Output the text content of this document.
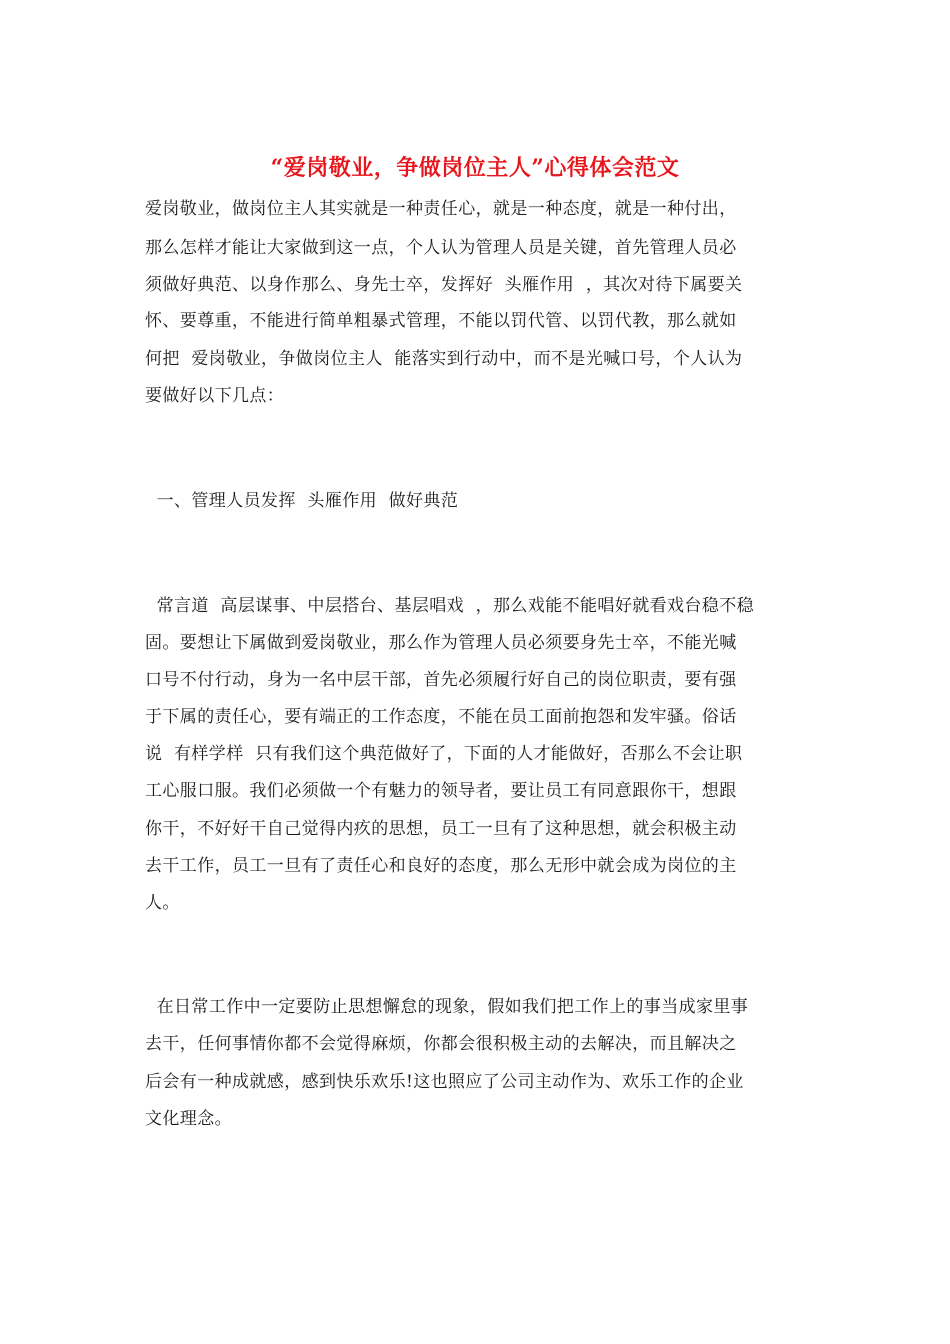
“爱岗敬业，争做岗位主人”心得体会范文
爱岗敬业，做岗位主人其实就是一种责任心，就是一种态度，就是一种付出，
那么怎样才能让大家做到这一点，个人认为管理人员是关键，首先管理人员必
须做好典范、以身作那么、身先士卒，发挥好  头雁作用  ，其次对待下属要关
怀、要尊重，不能进行简单粗暴式管理，不能以罚代管、以罚代教，那么就如
何把  爱岗敬业，争做岗位主人  能落实到行动中，而不是光喊口号，个人认为
要做好以下几点：
一、管理人员发挥  头雁作用  做好典范
常言道  高层谋事、中层搭台、基层唱戏  ，那么戏能不能唱好就看戏台稳不稳
固。要想让下属做到爱岗敬业，那么作为管理人员必须要身先士卒，不能光喊
口号不付行动，身为一名中层干部，首先必须履行好自己的岗位职责，要有强
于下属的责任心，要有端正的工作态度，不能在员工面前抱怨和发牢骚。俗话
说  有样学样  只有我们这个典范做好了，下面的人才能做好，否那么不会让职
工心服口服。我们必须做一个有魅力的领导者，要让员工有同意跟你干，想跟
你干，不好好干自己觉得内疚的思想，员工一旦有了这种思想，就会积极主动
去干工作，员工一旦有了责任心和良好的态度，那么无形中就会成为岗位的主
人。
在日常工作中一定要防止思想懈怠的现象，假如我们把工作上的事当成家里事
去干，任何事情你都不会觉得麻烦，你都会很积极主动的去解决，而且解决之
后会有一种成就感，感到快乐欢乐!这也照应了公司主动作为、欢乐工作的企业
文化理念。
